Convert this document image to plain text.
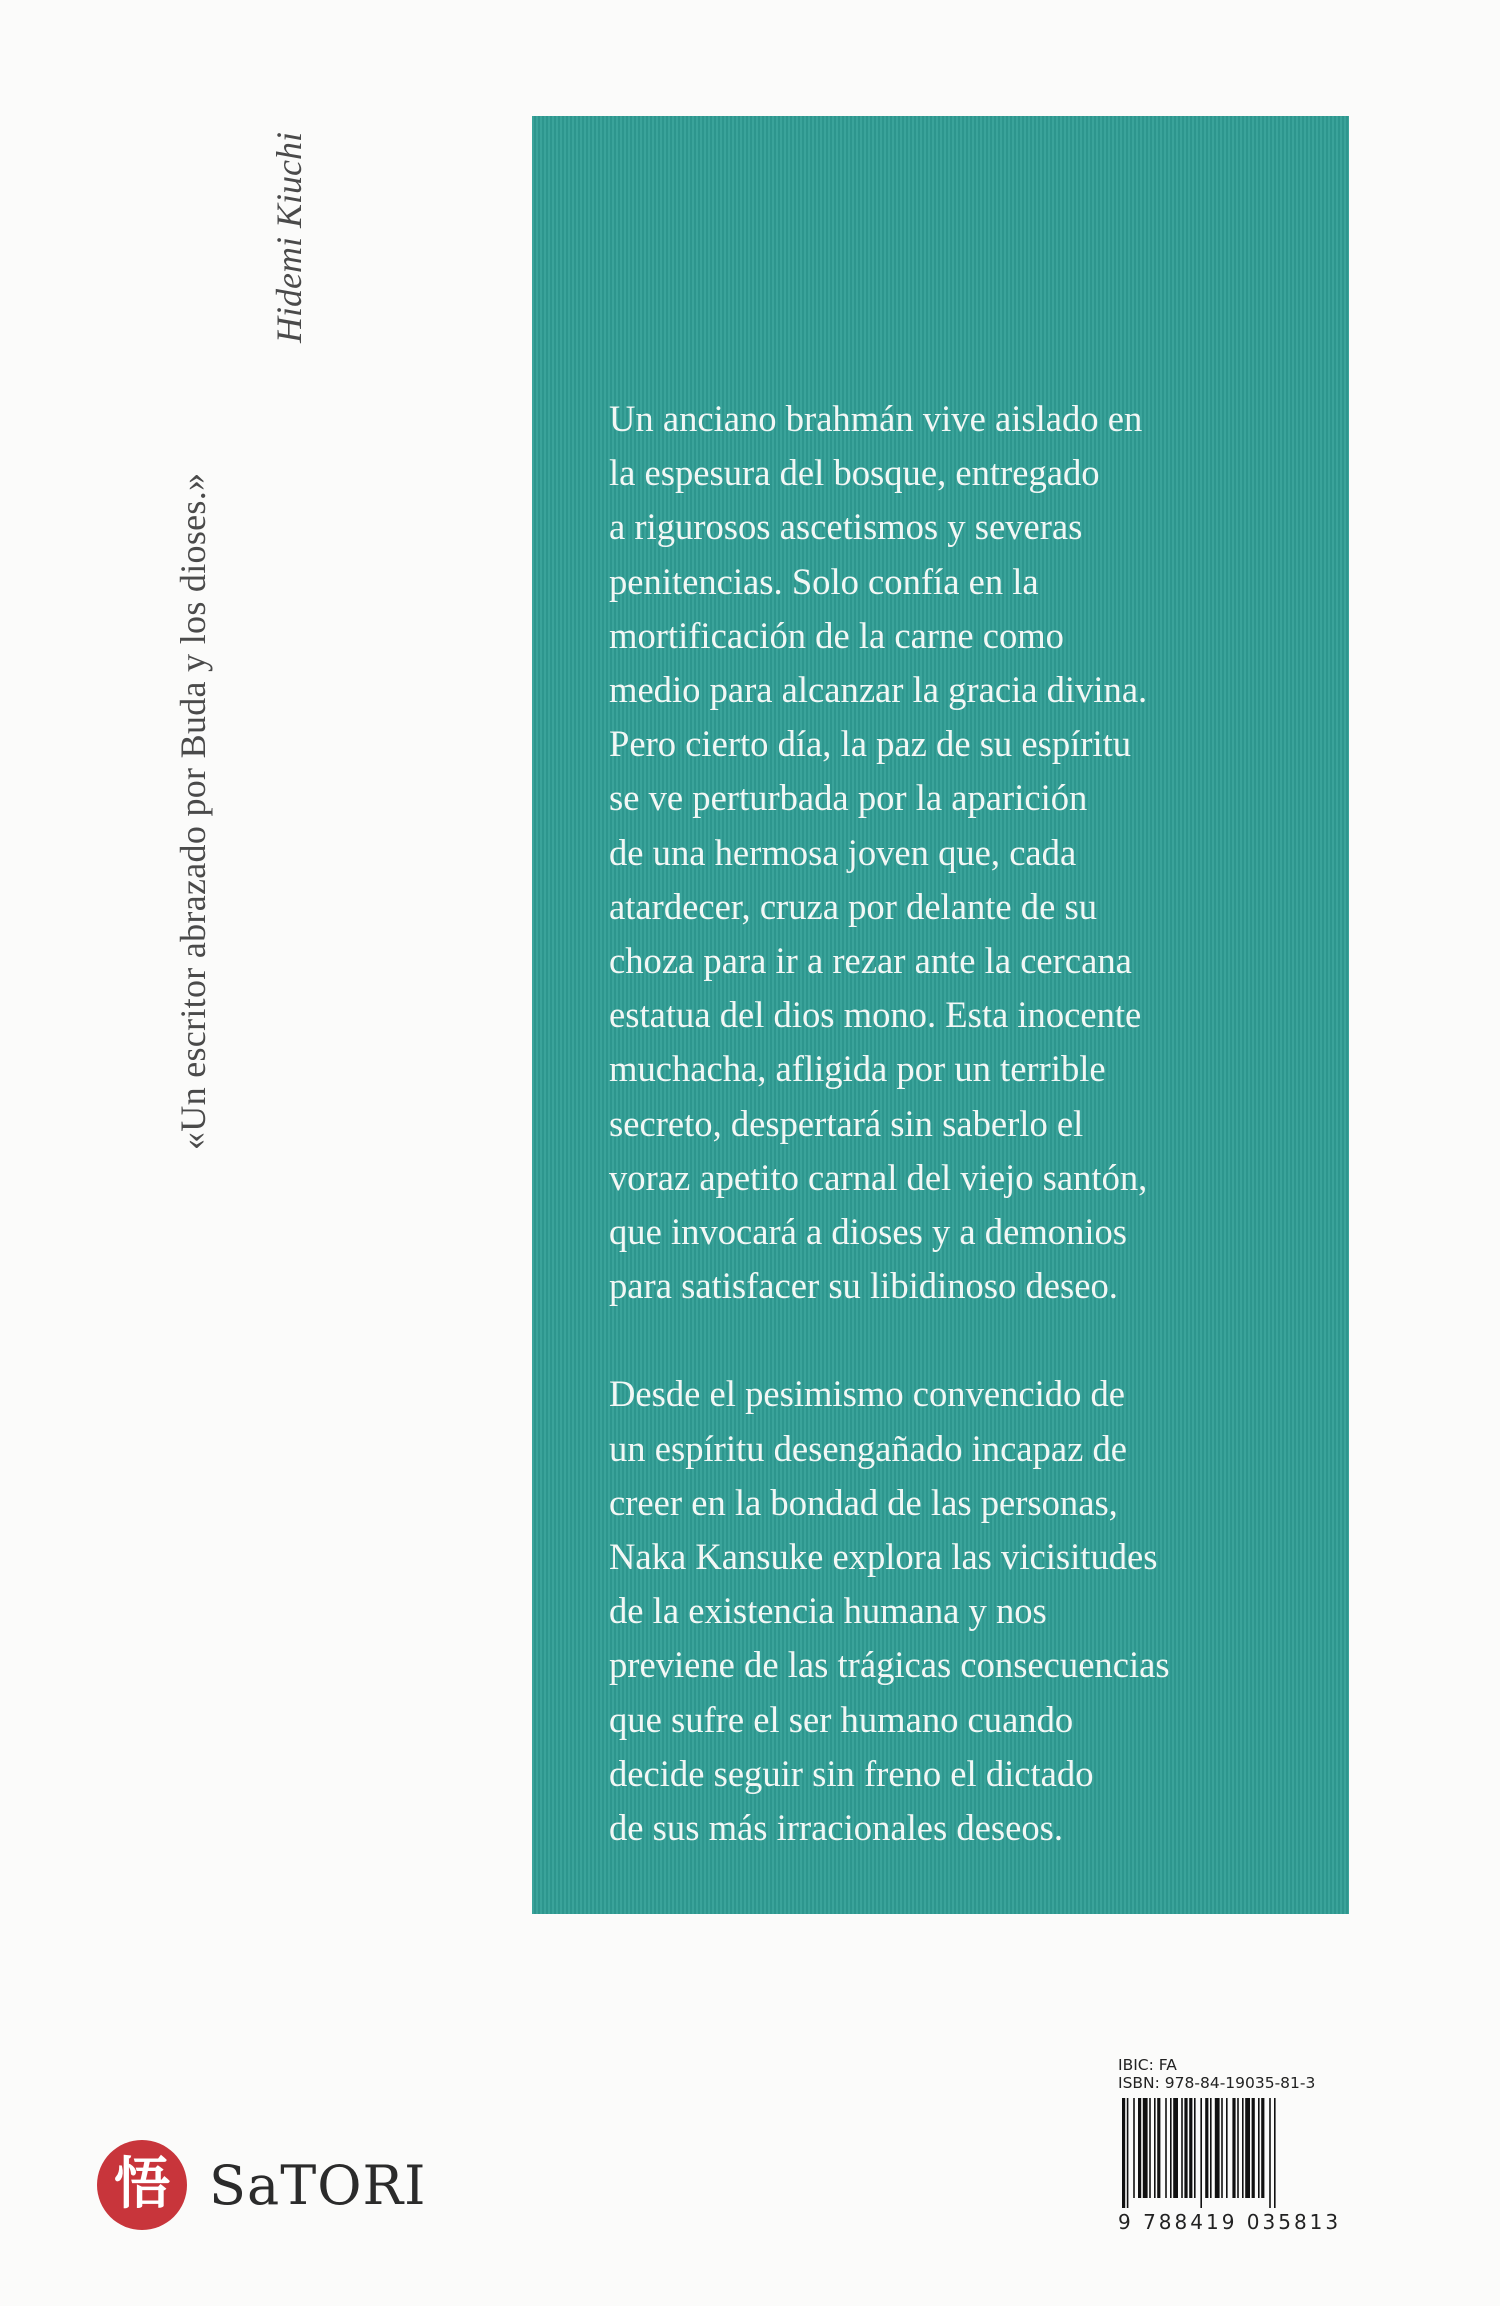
«Un escritor abrazado por Buda y los dioses.»
Hidemi Kiuchi

Un anciano brahmán vive aislado en
la espesura del bosque, entregado
a rigurosos ascetismos y severas
penitencias. Solo confía en la
mortificación de la carne como
medio para alcanzar la gracia divina.
Pero cierto día, la paz de su espíritu
se ve perturbada por la aparición
de una hermosa joven que, cada
atardecer, cruza por delante de su
choza para ir a rezar ante la cercana
estatua del dios mono. Esta inocente
muchacha, afligida por un terrible
secreto, despertará sin saberlo el
voraz apetito carnal del viejo santón,
que invocará a dioses y a demonios
para satisfacer su libidinoso deseo.

Desde el pesimismo convencido de
un espíritu desengañado incapaz de
creer en la bondad de las personas,
Naka Kansuke explora las vicisitudes
de la existencia humana y nos
previene de las trágicas consecuencias
que sufre el ser humano cuando
decide seguir sin freno el dictado
de sus más irracionales deseos.

悟 SaTORI
IBIC: FA
ISBN: 978-84-19035-81-3
9 788419 035813
